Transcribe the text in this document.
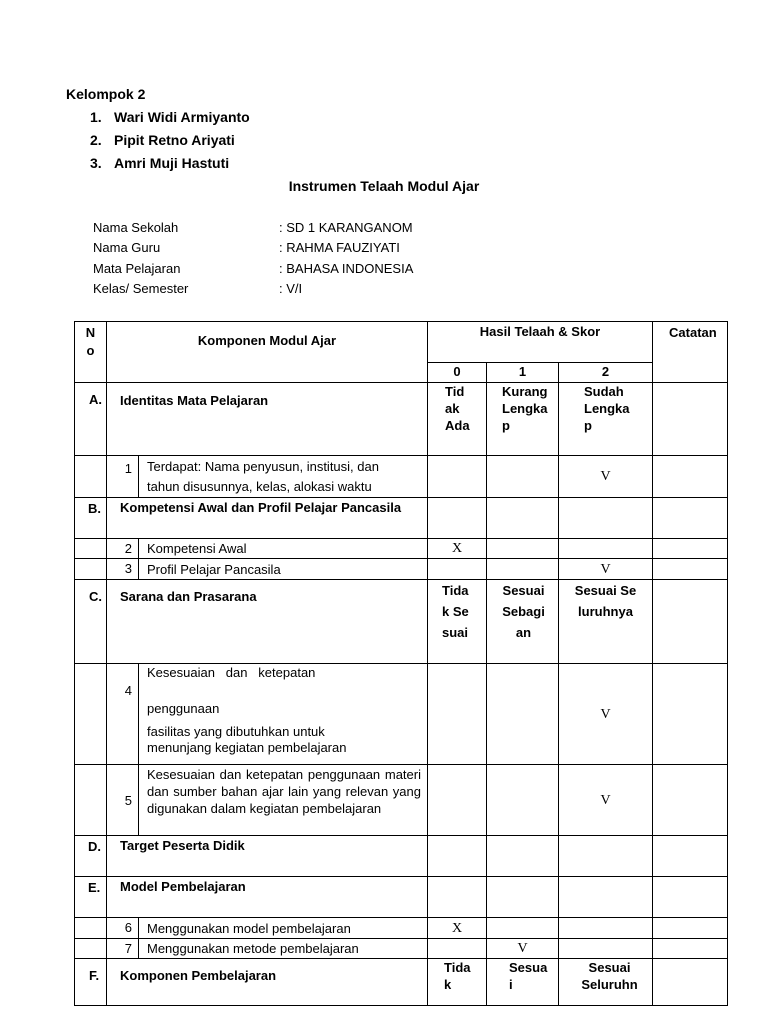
Kelompok 2
1. Wari Widi Armiyanto
2. Pipit Retno Ariyati
3. Amri Muji Hastuti
Instrumen Telaah Modul Ajar
Nama Sekolah	: SD 1 KARANGANOM
Nama Guru	: RAHMA FAUZIYATI
Mata Pelajaran	: BAHASA INDONESIA
Kelas/ Semester	: V/I
No	Komponen Modul Ajar		Hasil Telaah & Skor			Catatan
			0	1	2	
A.	Identitas Mata Pelajaran		Tidak Ada	Kurang Lengkap	Sudah Lengkap	
	1	Terdapat: Nama penyusun, institusi, dan
tahun disusunnya, kelas, alokasi waktu			V	
B.	Kompetensi Awal dan Profil Pelajar Pancasila					
	2	Kompetensi Awal	X			
	3	Profil Pelajar Pancasila			V	
C.	Sarana dan Prasarana		Tidak Sesuai	Sesuai Sebagian	Sesuai Seluruhnya	
	4	Kesesuaian   dan   ketepatan
penggunaan
fasilitas yang dibutuhkan untuk
menunjang kegiatan pembelajaran			V	
	5	Kesesuaian dan ketepatan penggunaan materi dan sumber bahan ajar lain yang relevan yang digunakan dalam kegiatan pembelajaran			V	
D.	Target Peserta Didik					
E.	Model Pembelajaran					
	6	Menggunakan model pembelajaran	X			
	7	Menggunakan metode pembelajaran		V		
F.	Komponen Pembelajaran		Tidak	Sesuai	Sesuai Seluruhn	
